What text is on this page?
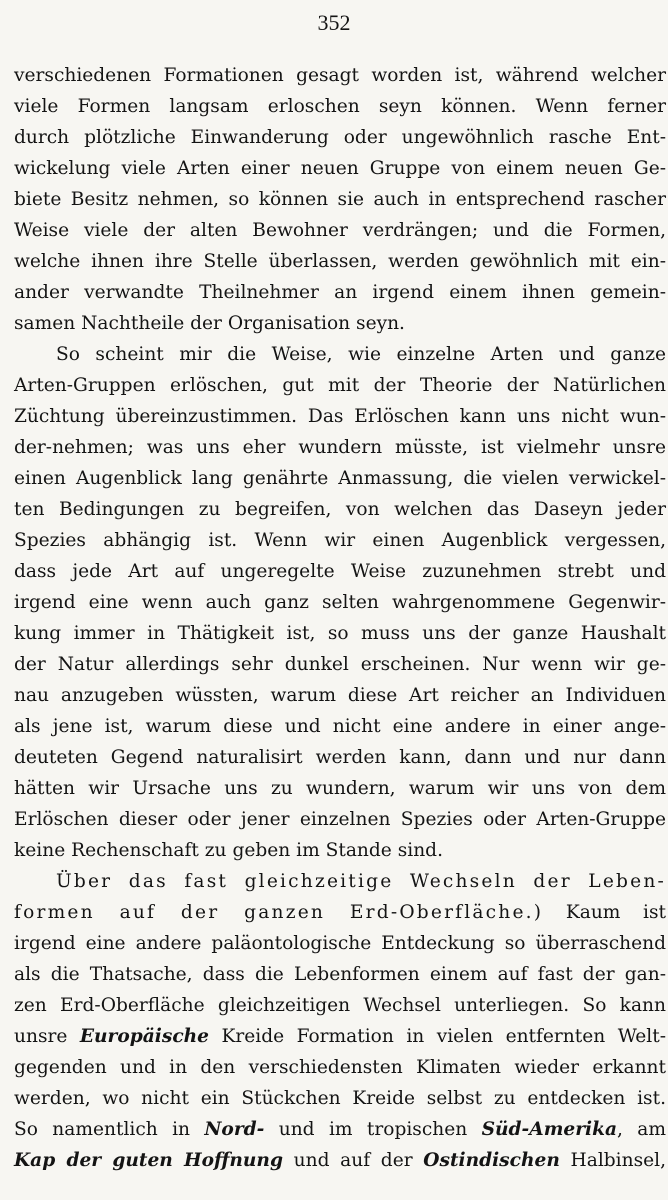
352
verschiedenen Formationen gesagt worden ist, während welcher
viele Formen langsam erloschen seyn können. Wenn ferner
durch plötzliche Einwanderung oder ungewöhnlich rasche Ent-
wickelung viele Arten einer neuen Gruppe von einem neuen Ge-
biete Besitz nehmen, so können sie auch in entsprechend rascher
Weise viele der alten Bewohner verdrängen; und die Formen,
welche ihnen ihre Stelle überlassen, werden gewöhnlich mit ein-
ander verwandte Theilnehmer an irgend einem ihnen gemein-
samen Nachtheile der Organisation seyn.
So scheint mir die Weise, wie einzelne Arten und ganze
Arten-Gruppen erlöschen, gut mit der Theorie der Natürlichen
Züchtung übereinzustimmen. Das Erlöschen kann uns nicht wun-
der-nehmen; was uns eher wundern müsste, ist vielmehr unsre
einen Augenblick lang genährte Anmassung, die vielen verwickel-
ten Bedingungen zu begreifen, von welchen das Daseyn jeder
Spezies abhängig ist. Wenn wir einen Augenblick vergessen,
dass jede Art auf ungeregelte Weise zuzunehmen strebt und
irgend eine wenn auch ganz selten wahrgenommene Gegenwir-
kung immer in Thätigkeit ist, so muss uns der ganze Haushalt
der Natur allerdings sehr dunkel erscheinen. Nur wenn wir ge-
nau anzugeben wüssten, warum diese Art reicher an Individuen
als jene ist, warum diese und nicht eine andere in einer ange-
deuteten Gegend naturalisirt werden kann, dann und nur dann
hätten wir Ursache uns zu wundern, warum wir uns von dem
Erlöschen dieser oder jener einzelnen Spezies oder Arten-Gruppe
keine Rechenschaft zu geben im Stande sind.
Über das fast gleichzeitige Wechseln der Leben-
formen auf der ganzen Erd-Oberfläche.) Kaum ist
irgend eine andere paläontologische Entdeckung so überraschend
als die Thatsache, dass die Lebenformen einem auf fast der gan-
zen Erd-Oberfläche gleichzeitigen Wechsel unterliegen. So kann
unsre Europäische Kreide Formation in vielen entfernten Welt-
gegenden und in den verschiedensten Klimaten wieder erkannt
werden, wo nicht ein Stückchen Kreide selbst zu entdecken ist.
So namentlich in Nord- und im tropischen Süd-Amerika, am
Kap der guten Hoffnung und auf der Ostindischen Halbinsel,
